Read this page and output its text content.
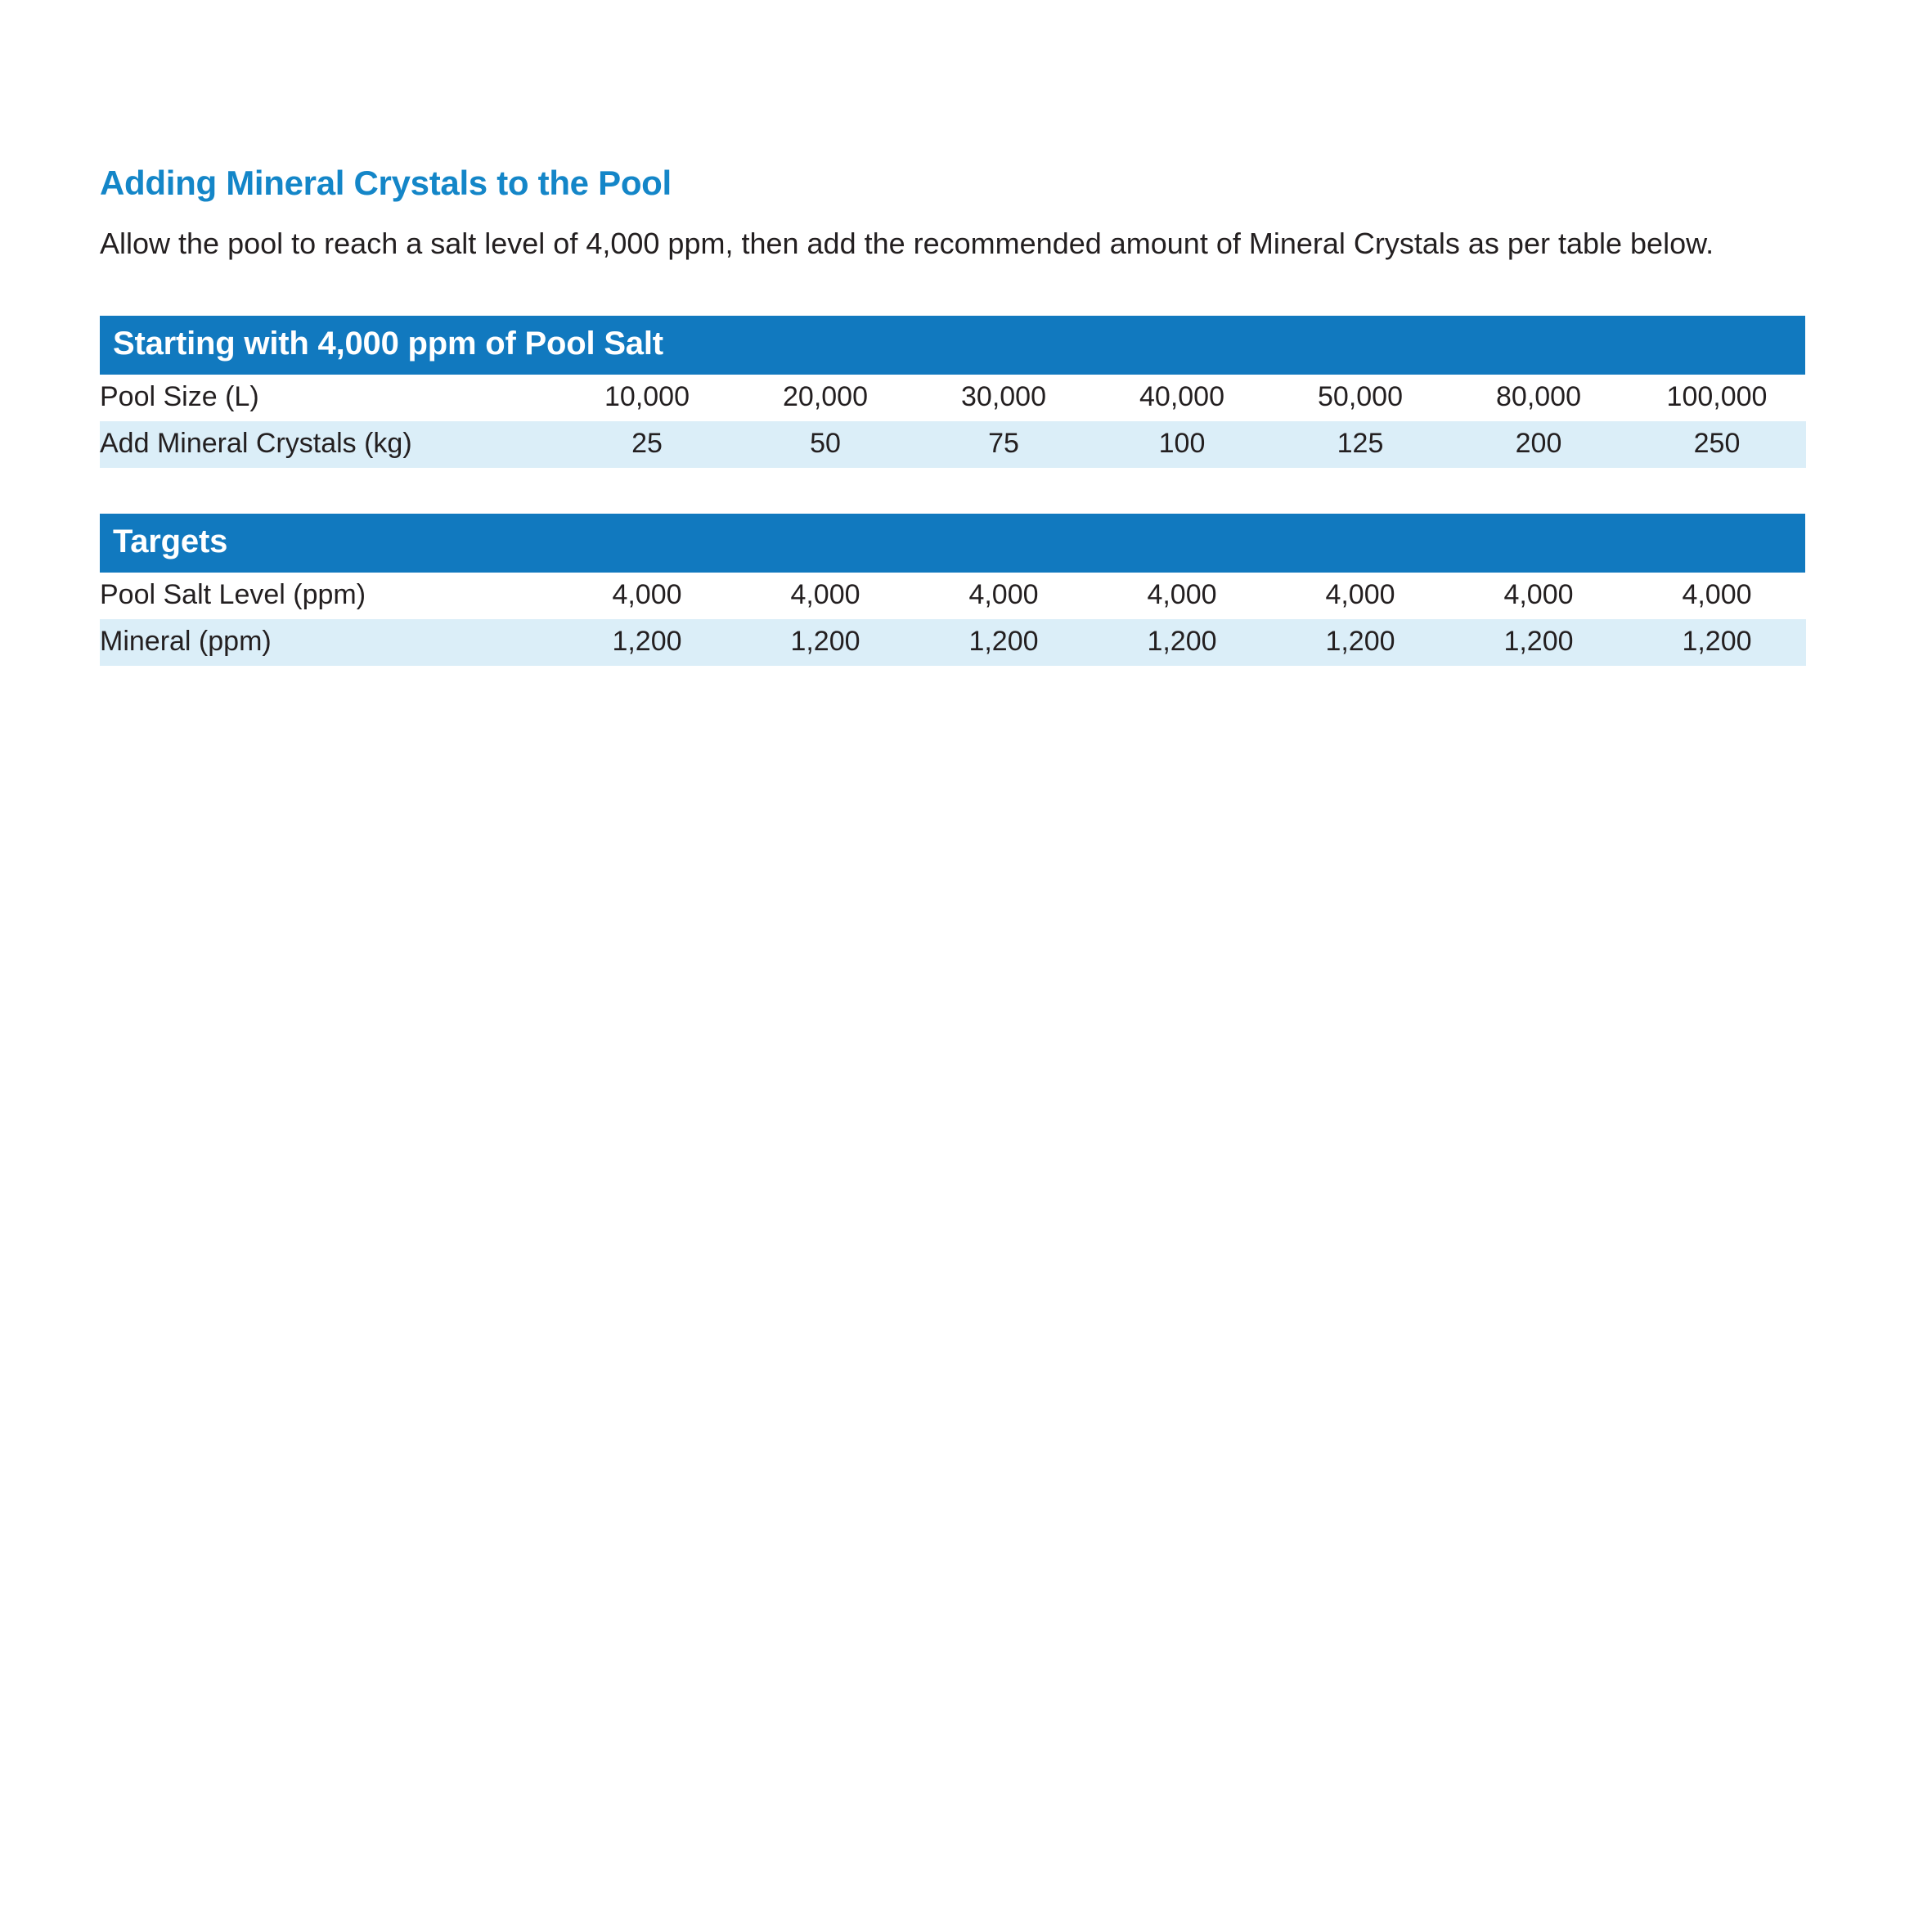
Adding Mineral Crystals to the Pool

Allow the pool to reach a salt level of 4,000 ppm, then add the recommended amount of Mineral Crystals as per table below.

Starting with 4,000 ppm of Pool Salt
Pool Size (L)	10,000	20,000	30,000	40,000	50,000	80,000	100,000
Add Mineral Crystals (kg)	25	50	75	100	125	200	250
Targets
Pool Salt Level (ppm)	4,000	4,000	4,000	4,000	4,000	4,000	4,000
Mineral (ppm)	1,200	1,200	1,200	1,200	1,200	1,200	1,200
